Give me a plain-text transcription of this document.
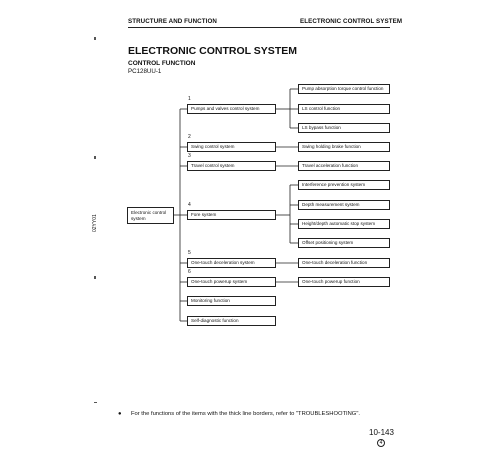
STRUCTURE AND FUNCTION	ELECTRONIC CONTROL SYSTEM
ELECTRONIC CONTROL SYSTEM
CONTROL FUNCTION
PC128UU-1
02YY01
Electronic control system
1
2
3
4
5
6
Pumps and valves control system
Swing control system
Travel control system
Fore system
One-touch deceleration system
One-touch powerup system
Monitoring function
Self-diagnostic function
Pump absorption torque control function
LS control function
LS bypass function
Swing holding brake function
Travel acceleration function
Interference prevention system
Depth measurement system
Height/depth automatic stop system
Offset positioning system
One-touch deceleration function
One-touch powerup function
● For the functions of the items with the thick line borders, refer to "TROUBLESHOOTING".
10-143
4
